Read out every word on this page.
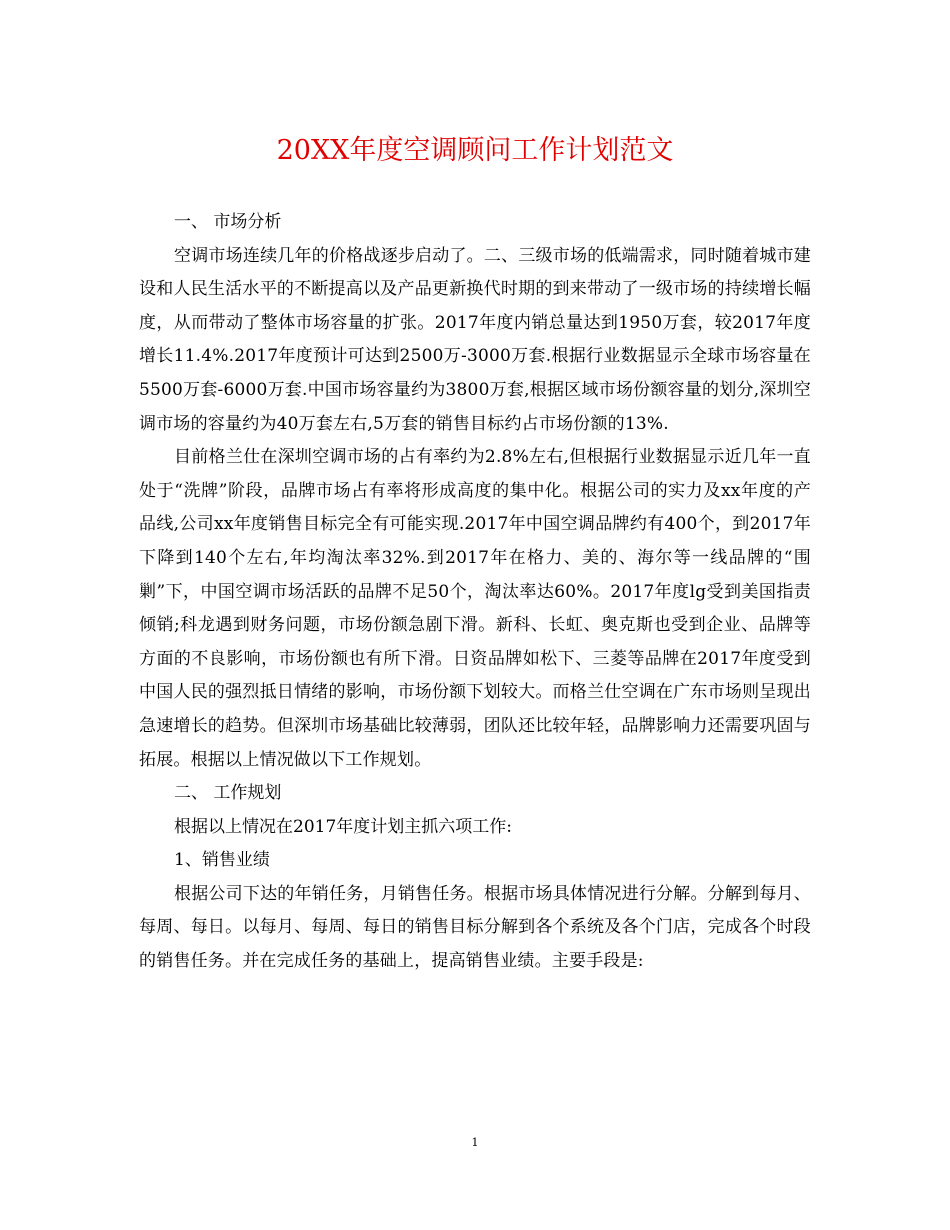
20XX年度空调顾问工作计划范文

一、 市场分析

空调市场连续几年的价格战逐步启动了。二、三级市场的低端需求，同时随着城市建设和人民生活水平的不断提高以及产品更新换代时期的到来带动了一级市场的持续增长幅度，从而带动了整体市场容量的扩张。2017年度内销总量达到1950万套，较2017年度增长11.4%.2017年度预计可达到2500万-3000万套.根据行业数据显示全球市场容量在5500万套-6000万套.中国市场容量约为3800万套,根据区域市场份额容量的划分,深圳空调市场的容量约为40万套左右,5万套的销售目标约占市场份额的13%.

目前格兰仕在深圳空调市场的占有率约为2.8%左右,但根据行业数据显示近几年一直处于“洗牌”阶段，品牌市场占有率将形成高度的集中化。根据公司的实力及xx年度的产品线,公司xx年度销售目标完全有可能实现.2017年中国空调品牌约有400个，到2017年下降到140个左右,年均淘汰率32%.到2017年在格力、美的、海尔等一线品牌的“围剿”下，中国空调市场活跃的品牌不足50个，淘汰率达60%。2017年度lg受到美国指责倾销;科龙遇到财务问题，市场份额急剧下滑。新科、长虹、奥克斯也受到企业、品牌等方面的不良影响，市场份额也有所下滑。日资品牌如松下、三菱等品牌在2017年度受到中国人民的强烈抵日情绪的影响，市场份额下划较大。而格兰仕空调在广东市场则呈现出急速增长的趋势。但深圳市场基础比较薄弱，团队还比较年轻，品牌影响力还需要巩固与拓展。根据以上情况做以下工作规划。

二、 工作规划

根据以上情况在2017年度计划主抓六项工作:

1、销售业绩

根据公司下达的年销任务，月销售任务。根据市场具体情况进行分解。分解到每月、每周、每日。以每月、每周、每日的销售目标分解到各个系统及各个门店，完成各个时段的销售任务。并在完成任务的基础上，提高销售业绩。主要手段是:

1
